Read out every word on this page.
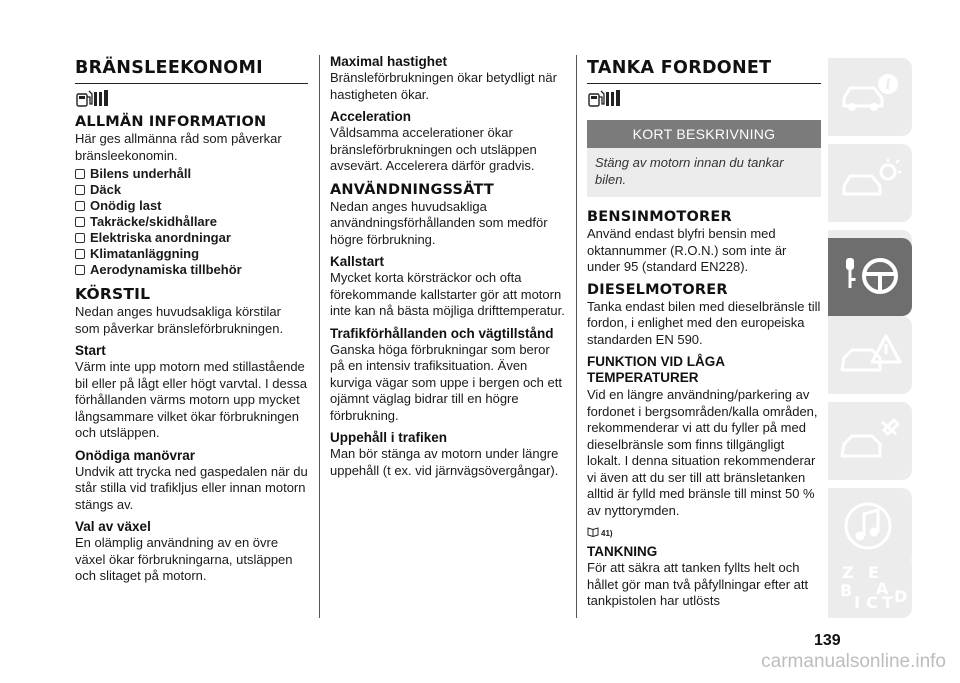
BRÄNSLEEKONOMI
ALLMÄN INFORMATION

Här ges allmänna råd som påverkar bränsleekonomin.

Bilens underhåll
Däck
Onödig last
Takräcke/skidhållare
Elektriska anordningar
Klimatanläggning
Aerodynamiska tillbehör
KÖRSTIL

Nedan anges huvudsakliga körstilar som påverkar bränsleförbrukningen.

Start

Värm inte upp motorn med stillastående bil eller på lågt eller högt varvtal. I dessa förhållanden värms motorn upp mycket långsammare vilket ökar förbrukningen och utsläppen.

Onödiga manövrar

Undvik att trycka ned gaspedalen när du står stilla vid trafikljus eller innan motorn stängs av.

Val av växel

En olämplig användning av en övre växel ökar förbrukningarna, utsläppen och slitaget på motorn.

Maximal hastighet

Bränsleförbrukningen ökar betydligt när hastigheten ökar.

Acceleration

Våldsamma accelerationer ökar bränsleförbrukningen och utsläppen avsevärt. Accelerera därför gradvis.

ANVÄNDNINGSSÄTT

Nedan anges huvudsakliga användningsförhållanden som medför högre förbrukning.

Kallstart

Mycket korta körsträckor och ofta förekommande kallstarter gör att motorn inte kan nå bästa möjliga drifttemperatur.

Trafikförhållanden och vägtillstånd

Ganska höga förbrukningar som beror på en intensiv trafiksituation. Även kurviga vägar som uppe i bergen och ett ojämnt väglag bidrar till en högre förbrukning.

Uppehåll i trafiken

Man bör stänga av motorn under längre uppehåll (t ex. vid järnvägsövergångar).

TANKA FORDONET
KORT BESKRIVNING
Stäng av motorn innan du tankar bilen.
BENSINMOTORER

Använd endast blyfri bensin med oktannummer (R.O.N.) som inte är under 95 (standard EN228).

DIESELMOTORER

Tanka endast bilen med dieselbränsle till fordon, i enlighet med den europeiska standarden EN 590.

FUNKTION VID LÅGA TEMPERATURER

Vid en längre användning/parkering av fordonet i bergsområden/kalla områden, rekommenderar vi att du fyller på med dieselbränsle som finns tillgängligt lokalt. I denna situation rekommenderar vi även att du ser till att bränsletanken alltid är fylld med bränsle till minst 50 % av nyttorymden.

41)
TANKNING

För att säkra att tanken fyllts helt och hållet gör man två påfyllningar efter att tankpistolen har utlösts

i
Z E
B A
I C T D
139
carmanualsonline.info
